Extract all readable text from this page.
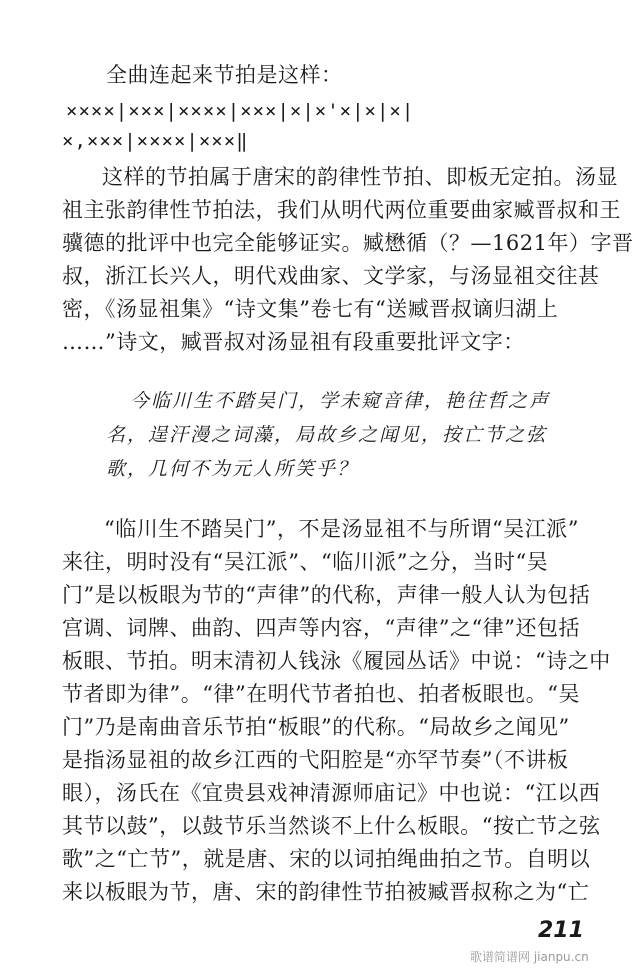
全曲连起来节拍是这样：
××××|×××|××××|×××|×|×'×|×|×|
×,×××|××××|×××‖
这样的节拍属于唐宋的韵律性节拍、即板无定拍。汤显
祖主张韵律性节拍法，我们从明代两位重要曲家臧晋叔和王
骥德的批评中也完全能够证实。臧懋循（？—1621年）字晋
叔，浙江长兴人，明代戏曲家、文学家，与汤显祖交往甚
密，《汤显祖集》“诗文集”卷七有“送臧晋叔谪归湖上
……”诗文，臧晋叔对汤显祖有段重要批评文字：
今临川生不踏吴门，学未窥音律，艳往哲之声
名，逞汗漫之词藻，局故乡之闻见，按亡节之弦
歌，几何不为元人所笑乎？
“临川生不踏吴门”，不是汤显祖不与所谓“吴江派”
来往，明时没有“吴江派”、“临川派”之分，当时“吴
门”是以板眼为节的“声律”的代称，声律一般人认为包括
宫调、词牌、曲韵、四声等内容，“声律”之“律”还包括
板眼、节拍。明末清初人钱泳《履园丛话》中说：“诗之中
节者即为律”。“律”在明代节者拍也、拍者板眼也。“吴
门”乃是南曲音乐节拍“板眼”的代称。“局故乡之闻见”
是指汤显祖的故乡江西的弋阳腔是“亦罕节奏”（不讲板
眼），汤氏在《宜贵县戏神清源师庙记》中也说：“江以西
其节以鼓”，以鼓节乐当然谈不上什么板眼。“按亡节之弦
歌”之“亡节”，就是唐、宋的以词拍绳曲拍之节。自明以
来以板眼为节，唐、宋的韵律性节拍被臧晋叔称之为“亡
211
歌谱简谱网 jianpu.cn
